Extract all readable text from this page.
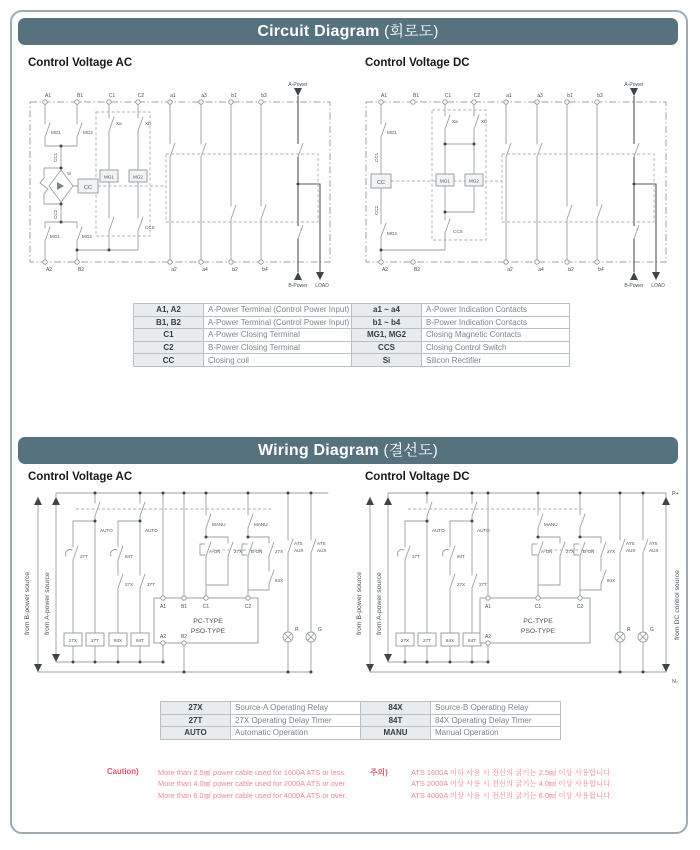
Circuit Diagram (회로도)
Control Voltage AC	Control Voltage DC
CC
MG1	MG2
A1	B1	C1	C2	a1	a3	b1	b3
A2	B2	a2	a4	b2	b4
MG1	MG2
MG1	MG2
Xa	Xb
Si
CCS
CC1
CC2
A-Power
B-Power LOAD
CC	MG1	MG2
A1	B1	C1	C2	a1	a3	b1	b3
A2	B2	a2	a4	b2	b4
MG1
MG2
Xa	Xb
CCS
CC1
CC2
A-Power
B-Power LOAD
A1, A2	A-Power Terminal (Control Power Input)	a1 ~ a4	A-Power Indication Contacts
B1, B2	A-Power Terminal (Control Power Input)	b1 ~ b4	B-Power Indication Contacts
C1	A-Power Closing Terminal	MG1, MG2	Closing Magnetic Contacts
C2	B-Power Closing Terminal	CCS	Closing Control Switch
CC	Closing coil	Si	Silicon Rectifier
Wiring Diagram (결선도)
Control Voltage AC	Control Voltage DC
27X	27T	84X	84T
A1	B1	C1	C2
A2	B2
PC-TYPE
PSO-TYPE
AUTO	AUTO
27T	84T
27X	27T
MANU	MANU
A-ON	27X B-ON	27X
84X
ATS
AUX
ATS
AUX
R	G
from B-power source from A-power source
27X	27T	84X	84T
A1	C1	C2
A2
PC-TYPE
PSO-TYPE
AUTO	AUTO
27T	84T
27X	27T
MANU
A-ON	27X B-ON	27X
84X
ATS
AUX
ATS
AUX
R	G
from B-power source from A-power source	from DC control source
P+
N-
27X	Source-A Operating Relay	84X	Source-B Operating Relay
27T	27X Operating Delay Timer	84T	84X Operating Delay Timer
AUTO	Automatic Operation	MANU	Manual Operation
Caution)	More than 2.5㎟ power cable used for 1600A ATS or less.
More than 4.0㎟ power cable used for 2000A ATS or over.
More than 6.0㎟ power cable used for 4000A ATS or over.
주의)	ATS 1600A 이하 사용 시 전선의 굵기는 2.5㎟ 이상 사용합니다.
ATS 2000A 이상 사용 시 전선의 굵기는 4.0㎟ 이상 사용합니다.
ATS 4000A 이상 사용 시 전선의 굵기는 6.0㎟ 이상 사용합니다.
